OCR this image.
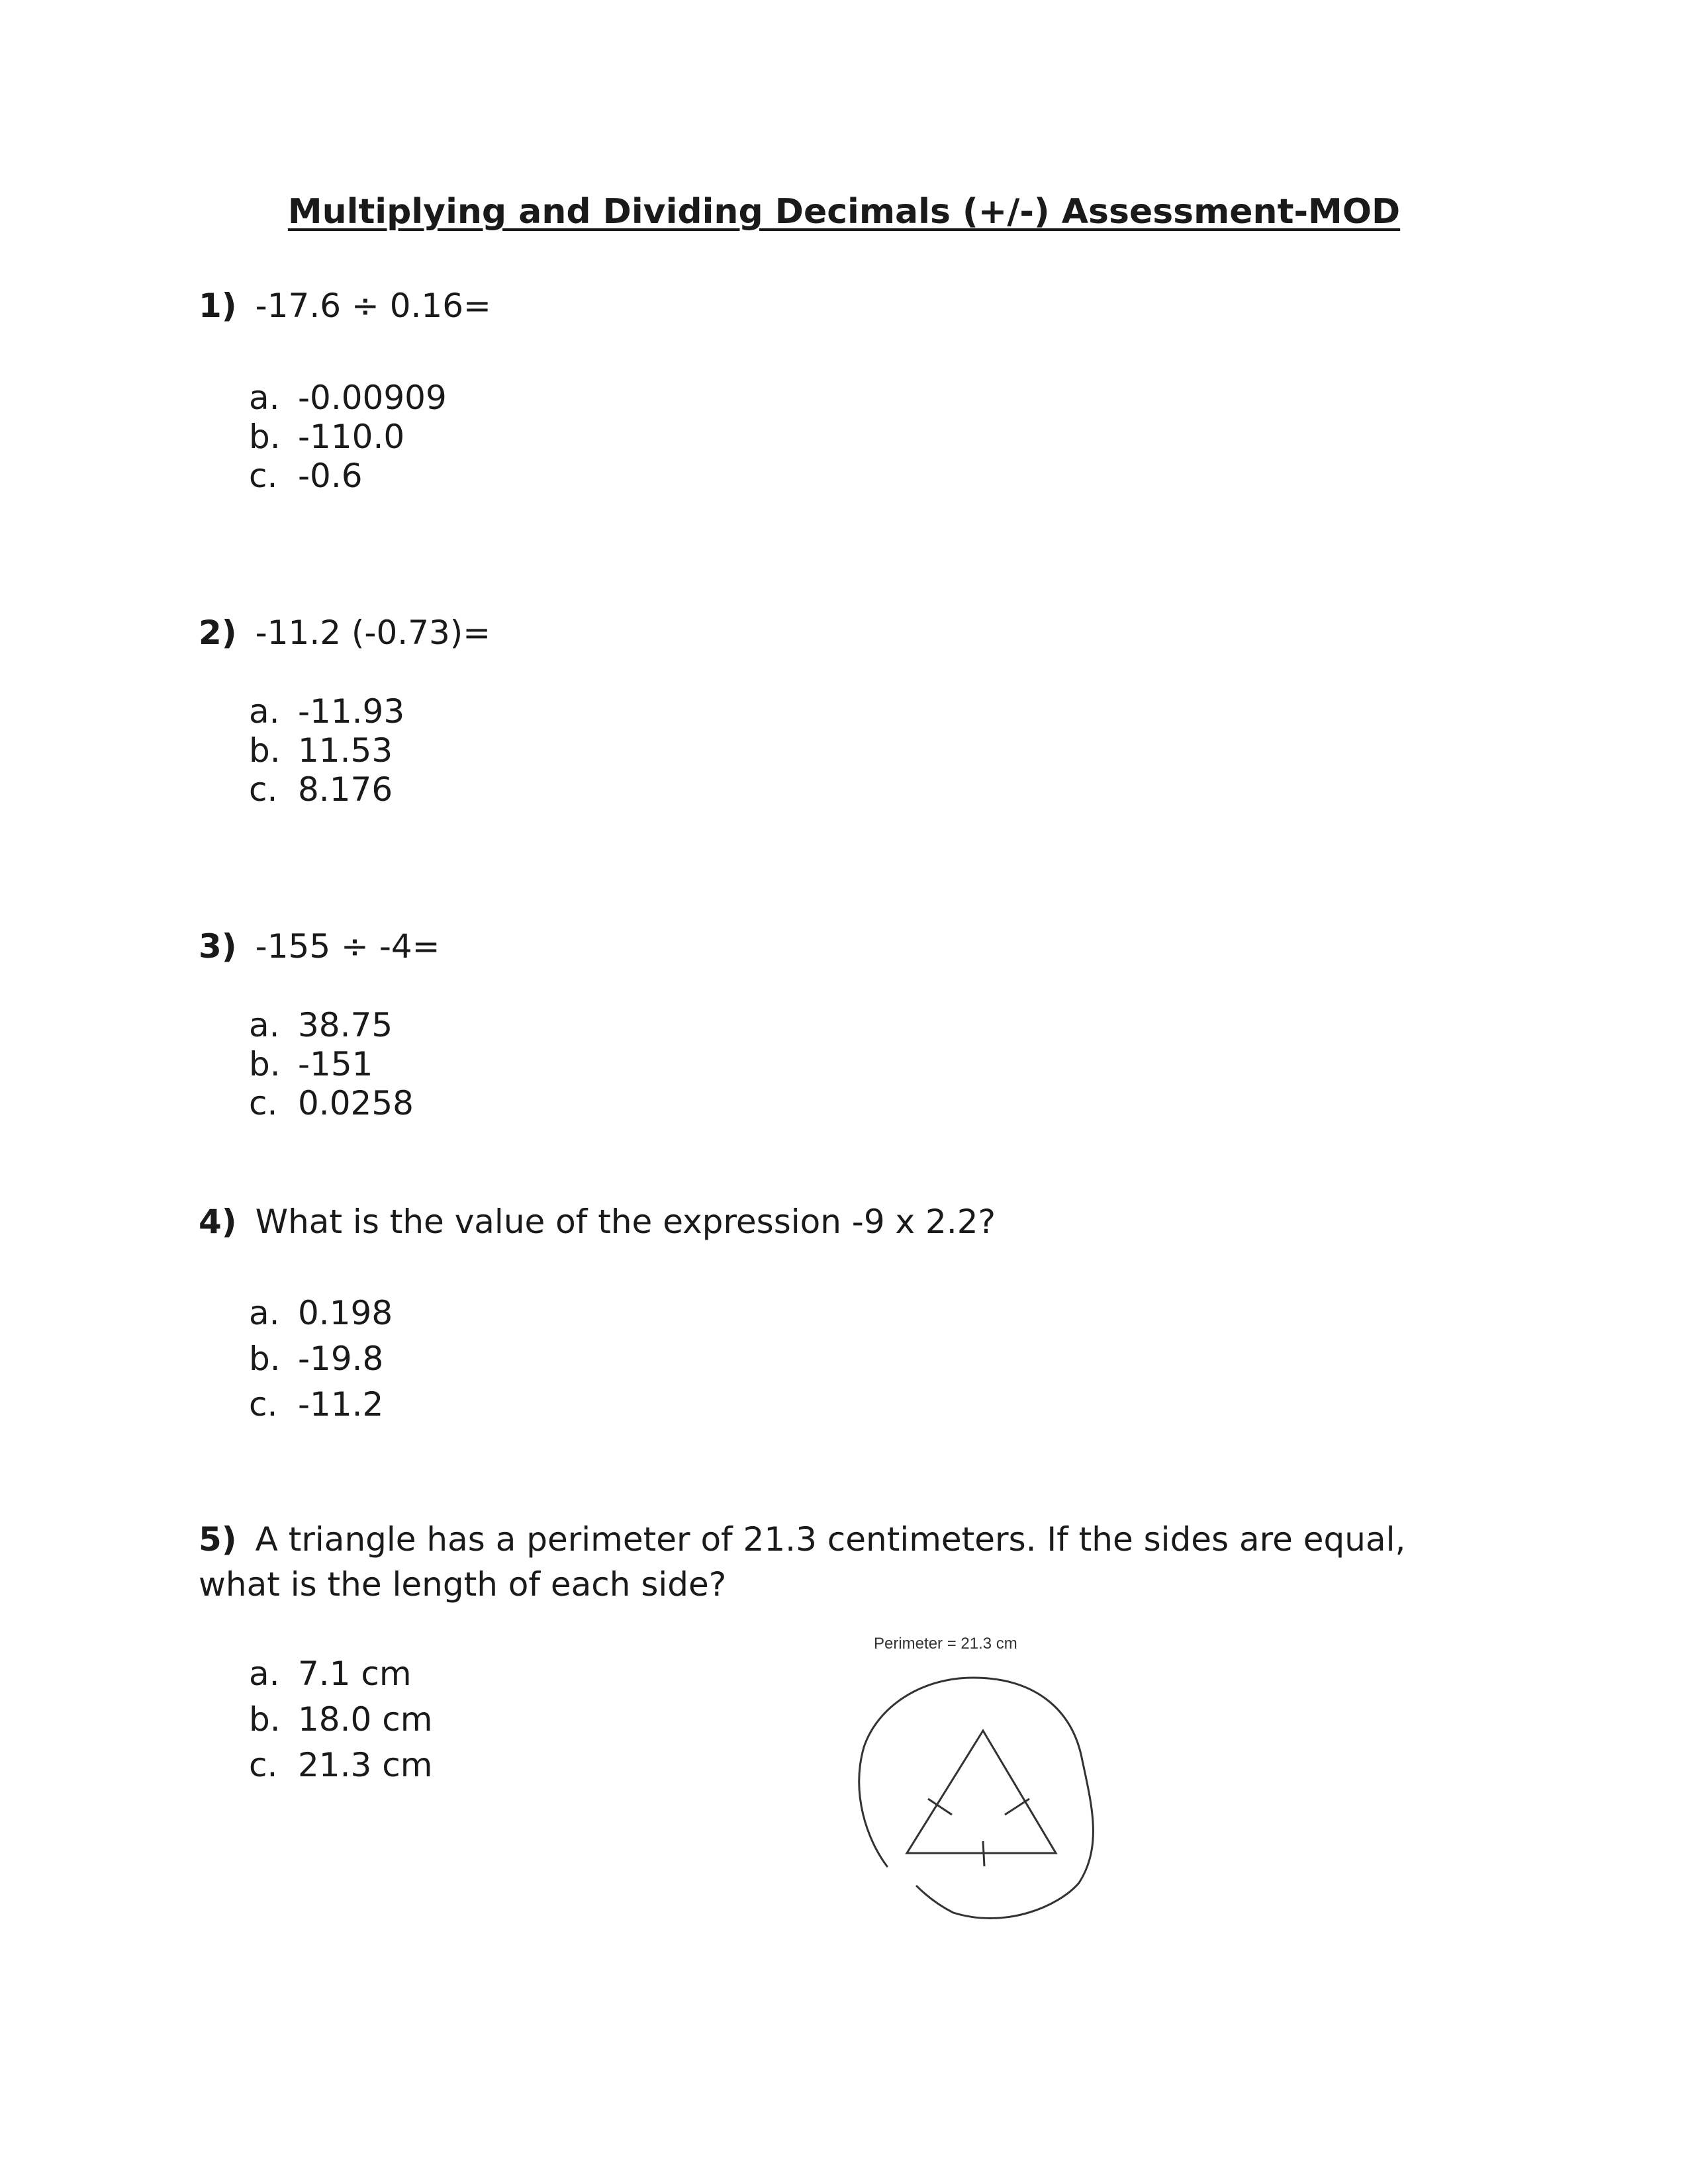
Multiplying and Dividing Decimals (+/-) Assessment-MOD
1) -17.6 ÷ 0.16=
a. -0.00909
b. -110.0
c. -0.6
2) -11.2 (-0.73)=
a. -11.93
b. 11.53
c. 8.176
3) -155 ÷ -4=
a. 38.75
b. -151
c. 0.0258
4) What is the value of the expression -9 x 2.2?
a. 0.198
b. -19.8
c. -11.2
5) A triangle has a perimeter of 21.3 centimeters. If the sides are equal, what is the length of each side?
a. 7.1 cm
b. 18.0 cm
c. 21.3 cm
Perimeter = 21.3 cm
